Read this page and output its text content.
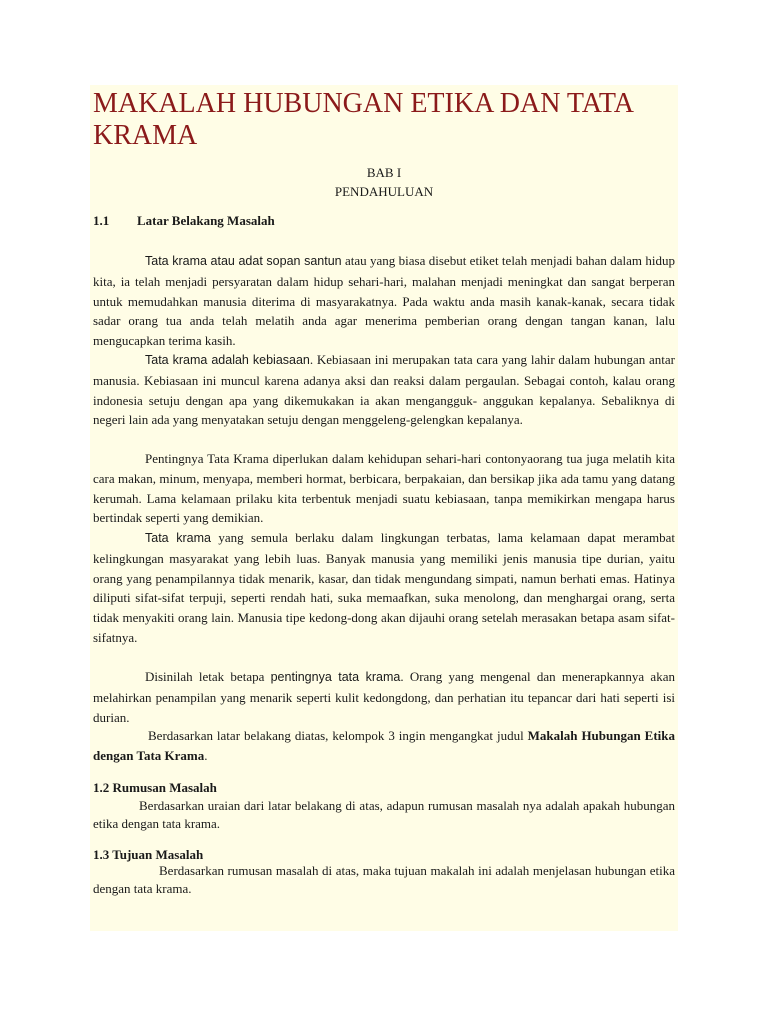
MAKALAH HUBUNGAN ETIKA DAN TATA KRAMA
BAB I
PENDAHULUAN
1.1 Latar Belakang Masalah

Tata krama atau adat sopan santun atau yang biasa disebut etiket telah menjadi bahan dalam hidup kita, ia telah menjadi persyaratan dalam hidup sehari-hari, malahan menjadi meningkat dan sangat berperan untuk memudahkan manusia diterima di masyarakatnya. Pada waktu anda masih kanak-kanak, secara tidak sadar orang tua anda telah melatih anda agar menerima pemberian orang dengan tangan kanan, lalu mengucapkan terima kasih.

Tata krama adalah kebiasaan. Kebiasaan ini merupakan tata cara yang lahir dalam hubungan antar manusia. Kebiasaan ini muncul karena adanya aksi dan reaksi dalam pergaulan. Sebagai contoh, kalau orang indonesia setuju dengan apa yang dikemukakan ia akan mengangguk- anggukan kepalanya. Sebaliknya di negeri lain ada yang menyatakan setuju dengan menggeleng-gelengkan kepalanya.

Pentingnya Tata Krama diperlukan dalam kehidupan sehari-hari contonyaorang tua juga melatih kita cara makan, minum, menyapa, memberi hormat, berbicara, berpakaian, dan bersikap jika ada tamu yang datang kerumah. Lama kelamaan prilaku kita terbentuk menjadi suatu kebiasaan, tanpa memikirkan mengapa harus bertindak seperti yang demikian.

Tata krama yang semula berlaku dalam lingkungan terbatas, lama kelamaan dapat merambat kelingkungan masyarakat yang lebih luas. Banyak manusia yang memiliki jenis manusia tipe durian, yaitu orang yang penampilannya tidak menarik, kasar, dan tidak mengundang simpati, namun berhati emas. Hatinya diliputi sifat-sifat terpuji, seperti rendah hati, suka memaafkan, suka menolong, dan menghargai orang, serta tidak menyakiti orang lain. Manusia tipe kedong-dong akan dijauhi orang setelah merasakan betapa asam sifat-sifatnya.

Disinilah letak betapa pentingnya tata krama. Orang yang mengenal dan menerapkannya akan melahirkan penampilan yang menarik seperti kulit kedongdong, dan perhatian itu tepancar dari hati seperti isi durian.

Berdasarkan latar belakang diatas, kelompok 3 ingin mengangkat judul Makalah Hubungan Etika dengan Tata Krama.

1.2 Rumusan Masalah

Berdasarkan uraian dari latar belakang di atas, adapun rumusan masalah nya adalah apakah hubungan etika dengan tata krama.

1.3 Tujuan Masalah

Berdasarkan rumusan masalah di atas, maka tujuan makalah ini adalah menjelasan hubungan etika dengan tata krama.
